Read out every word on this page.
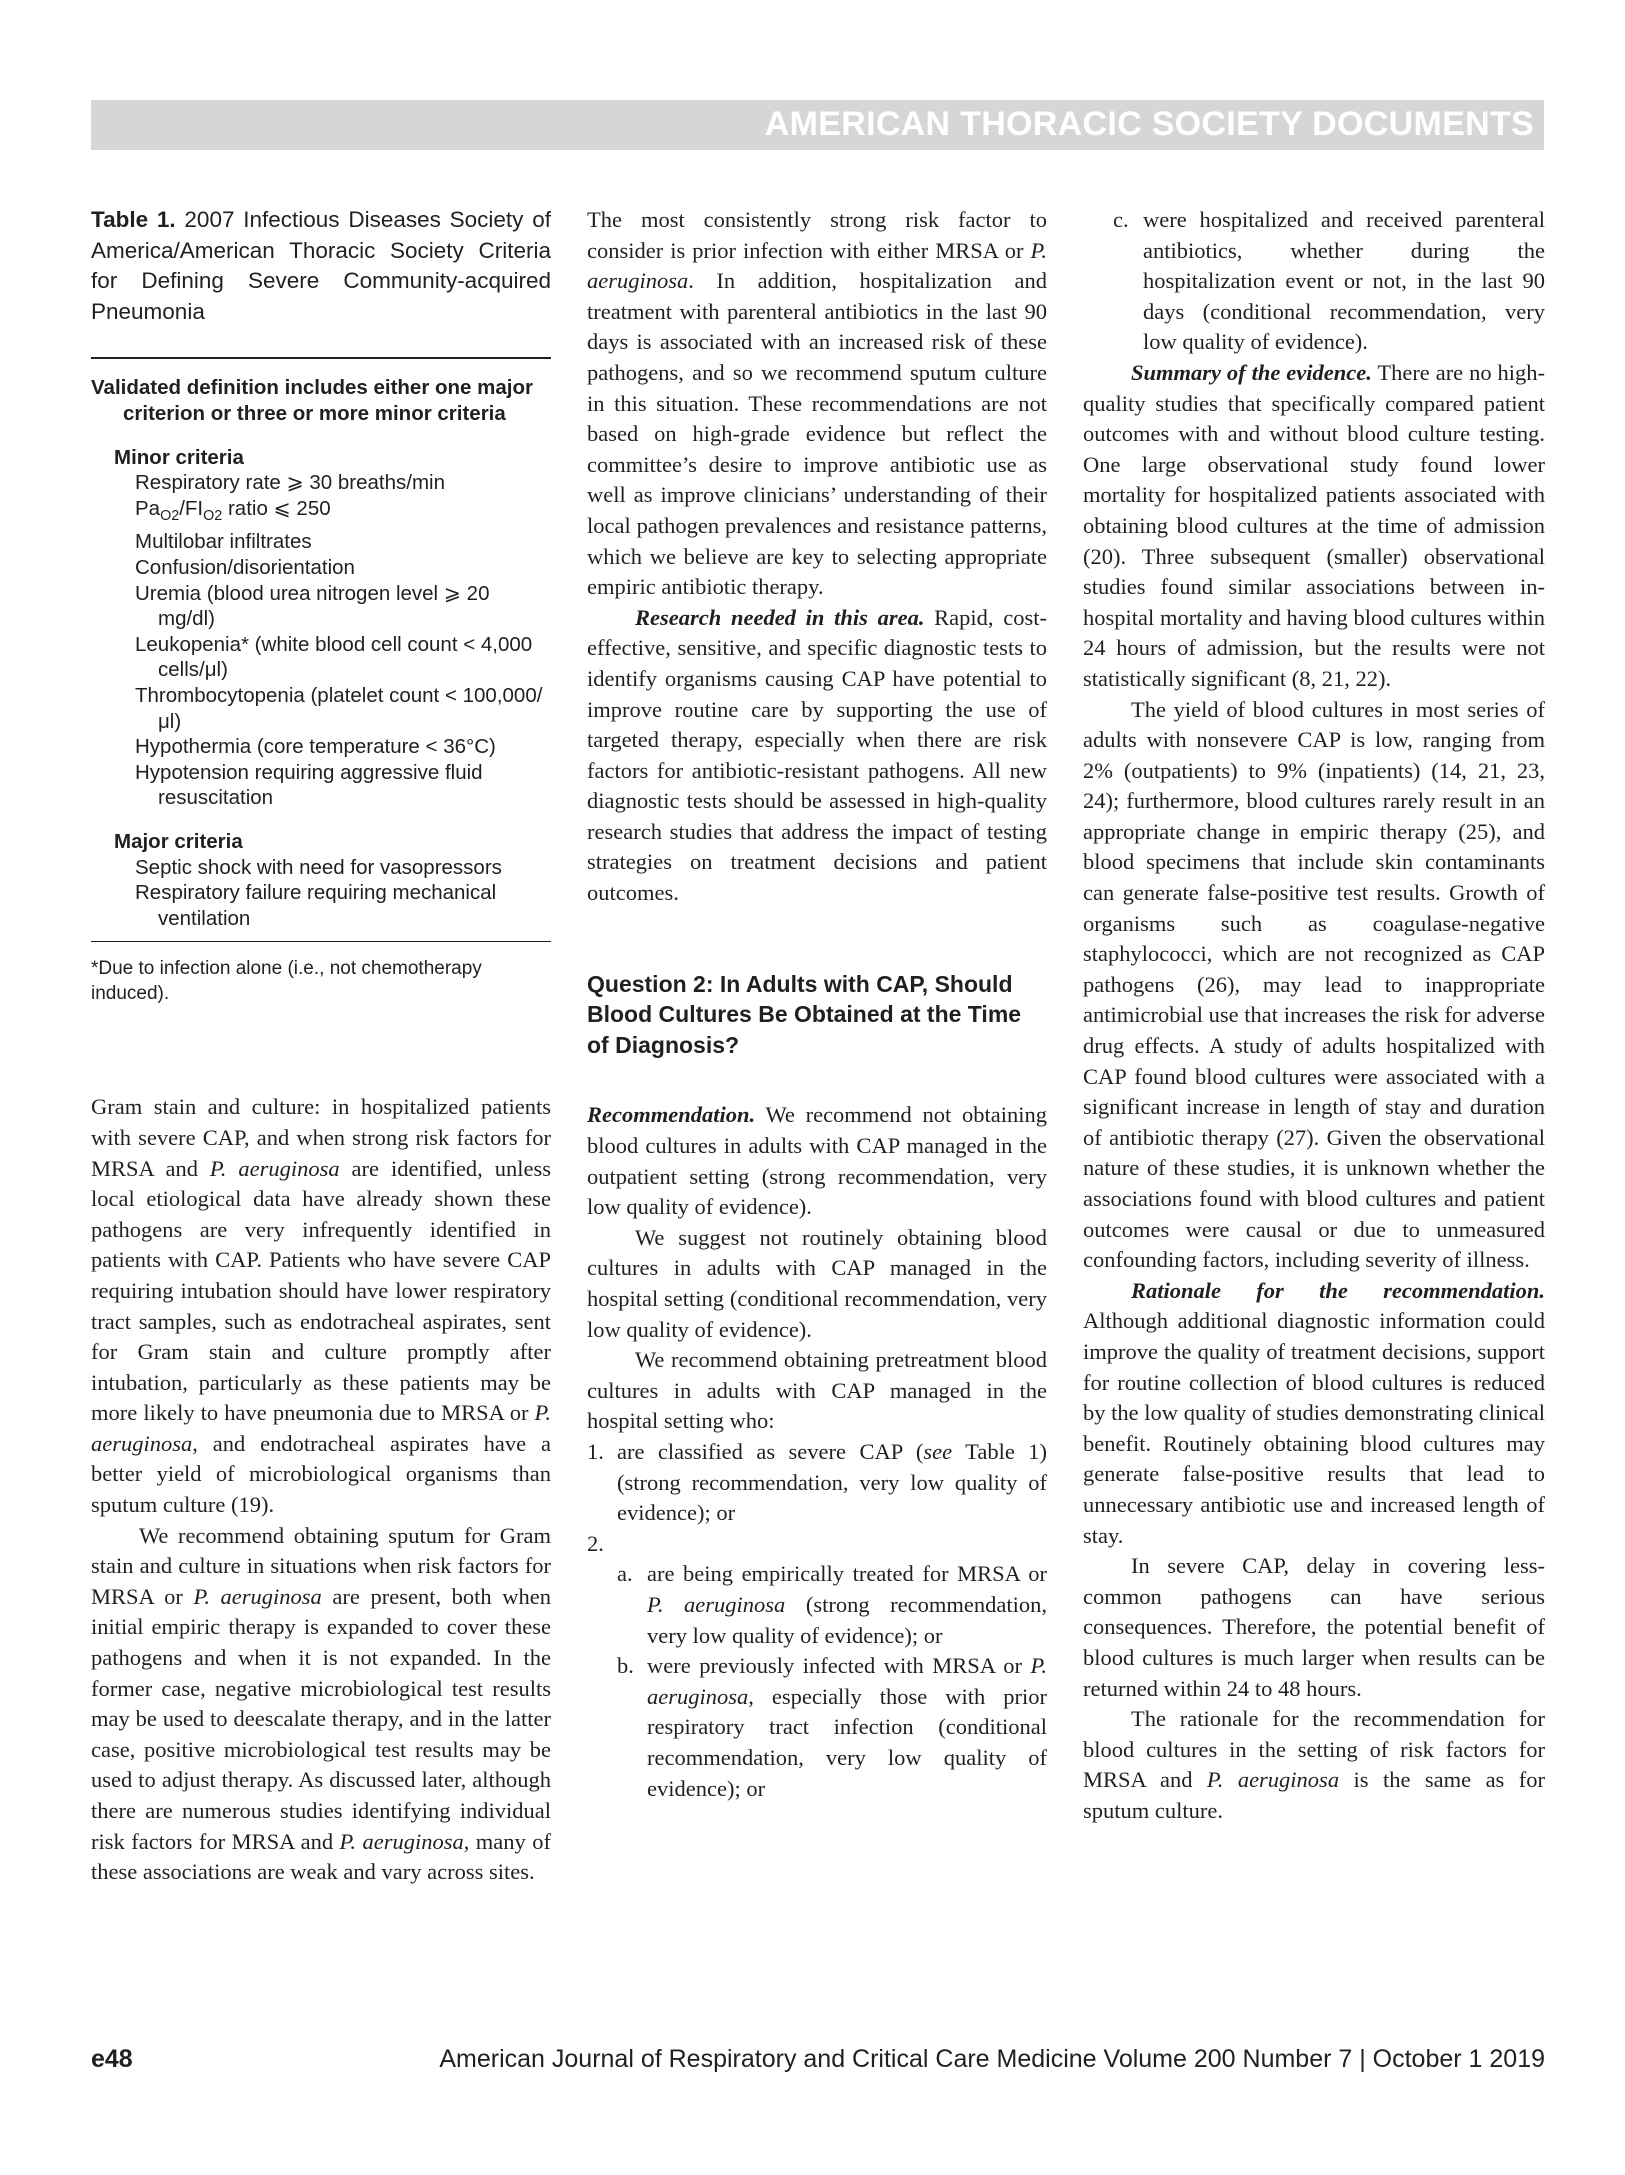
AMERICAN THORACIC SOCIETY DOCUMENTS

Table 1. 2007 Infectious Diseases Society of America/American Thoracic Society Criteria for Defining Severe Community-acquired Pneumonia

Validated definition includes either one major criterion or three or more minor criteria
Minor criteria
Respiratory rate ⩾ 30 breaths/min
$Pa_{O2}/FI_{O2}$ ratio ⩽ 250
Multilobar infiltrates
Confusion/disorientation
Uremia (blood urea nitrogen level ⩾ 20 mg/dl)
Leukopenia* (white blood cell count < 4,000 cells/μl)
Thrombocytopenia (platelet count < 100,000/μl)
Hypothermia (core temperature < 36°C)
Hypotension requiring aggressive fluid resuscitation
Major criteria
Septic shock with need for vasopressors
Respiratory failure requiring mechanical ventilation
*Due to infection alone (i.e., not chemotherapy induced).

Gram stain and culture: in hospitalized patients with severe CAP, and when strong risk factors for MRSA and P. aeruginosa are identified, unless local etiological data have already shown these pathogens are very infrequently identified in patients with CAP. Patients who have severe CAP requiring intubation should have lower respiratory tract samples, such as endotracheal aspirates, sent for Gram stain and culture promptly after intubation, particularly as these patients may be more likely to have pneumonia due to MRSA or P. aeruginosa, and endotracheal aspirates have a better yield of microbiological organisms than sputum culture (19).

We recommend obtaining sputum for Gram stain and culture in situations when risk factors for MRSA or P. aeruginosa are present, both when initial empiric therapy is expanded to cover these pathogens and when it is not expanded. In the former case, negative microbiological test results may be used to deescalate therapy, and in the latter case, positive microbiological test results may be used to adjust therapy. As discussed later, although there are numerous studies identifying individual risk factors for MRSA and P. aeruginosa, many of these associations are weak and vary across sites.

The most consistently strong risk factor to consider is prior infection with either MRSA or P. aeruginosa. In addition, hospitalization and treatment with parenteral antibiotics in the last 90 days is associated with an increased risk of these pathogens, and so we recommend sputum culture in this situation. These recommendations are not based on high-grade evidence but reflect the committee’s desire to improve antibiotic use as well as improve clinicians’ understanding of their local pathogen prevalences and resistance patterns, which we believe are key to selecting appropriate empiric antibiotic therapy.

Research needed in this area. Rapid, cost-effective, sensitive, and specific diagnostic tests to identify organisms causing CAP have potential to improve routine care by supporting the use of targeted therapy, especially when there are risk factors for antibiotic-resistant pathogens. All new diagnostic tests should be assessed in high-quality research studies that address the impact of testing strategies on treatment decisions and patient outcomes.

Question 2: In Adults with CAP, Should Blood Cultures Be Obtained at the Time of Diagnosis?

Recommendation. We recommend not obtaining blood cultures in adults with CAP managed in the outpatient setting (strong recommendation, very low quality of evidence).

We suggest not routinely obtaining blood cultures in adults with CAP managed in the hospital setting (conditional recommendation, very low quality of evidence).

We recommend obtaining pretreatment blood cultures in adults with CAP managed in the hospital setting who:

1. are classified as severe CAP (see Table 1) (strong recommendation, very low quality of evidence); or
2.
a. are being empirically treated for MRSA or P. aeruginosa (strong recommendation, very low quality of evidence); or
b. were previously infected with MRSA or P. aeruginosa, especially those with prior respiratory tract infection (conditional recommendation, very low quality of evidence); or
c. were hospitalized and received parenteral antibiotics, whether during the hospitalization event or not, in the last 90 days (conditional recommendation, very low quality of evidence).

Summary of the evidence. There are no high-quality studies that specifically compared patient outcomes with and without blood culture testing. One large observational study found lower mortality for hospitalized patients associated with obtaining blood cultures at the time of admission (20). Three subsequent (smaller) observational studies found similar associations between in-hospital mortality and having blood cultures within 24 hours of admission, but the results were not statistically significant (8, 21, 22).

The yield of blood cultures in most series of adults with nonsevere CAP is low, ranging from 2% (outpatients) to 9% (inpatients) (14, 21, 23, 24); furthermore, blood cultures rarely result in an appropriate change in empiric therapy (25), and blood specimens that include skin contaminants can generate false-positive test results. Growth of organisms such as coagulase-negative staphylococci, which are not recognized as CAP pathogens (26), may lead to inappropriate antimicrobial use that increases the risk for adverse drug effects. A study of adults hospitalized with CAP found blood cultures were associated with a significant increase in length of stay and duration of antibiotic therapy (27). Given the observational nature of these studies, it is unknown whether the associations found with blood cultures and patient outcomes were causal or due to unmeasured confounding factors, including severity of illness.

Rationale for the recommendation. Although additional diagnostic information could improve the quality of treatment decisions, support for routine collection of blood cultures is reduced by the low quality of studies demonstrating clinical benefit. Routinely obtaining blood cultures may generate false-positive results that lead to unnecessary antibiotic use and increased length of stay.

In severe CAP, delay in covering less-common pathogens can have serious consequences. Therefore, the potential benefit of blood cultures is much larger when results can be returned within 24 to 48 hours.

The rationale for the recommendation for blood cultures in the setting of risk factors for MRSA and P. aeruginosa is the same as for sputum culture.

e48	American Journal of Respiratory and Critical Care Medicine Volume 200 Number 7 | October 1 2019
